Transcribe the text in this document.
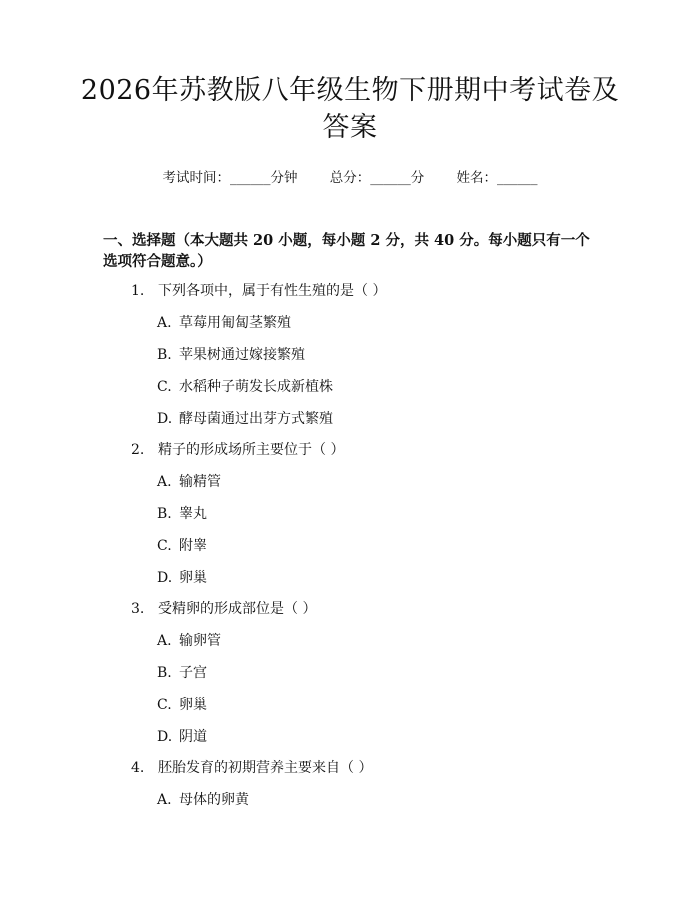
2026年苏教版八年级生物下册期中考试卷及答案
考试时间：______分钟 总分：______分 姓名：______
一、选择题（本大题共 20 小题，每小题 2 分，共 40 分。每小题只有一个选项符合题意。）
1. 下列各项中，属于有性生殖的是（ ）
A. 草莓用匍匐茎繁殖
B. 苹果树通过嫁接繁殖
C. 水稻种子萌发长成新植株
D. 酵母菌通过出芽方式繁殖
2. 精子的形成场所主要位于（ ）
A. 输精管
B. 睾丸
C. 附睾
D. 卵巢
3. 受精卵的形成部位是（ ）
A. 输卵管
B. 子宫
C. 卵巢
D. 阴道
4. 胚胎发育的初期营养主要来自（ ）
A. 母体的卵黄
